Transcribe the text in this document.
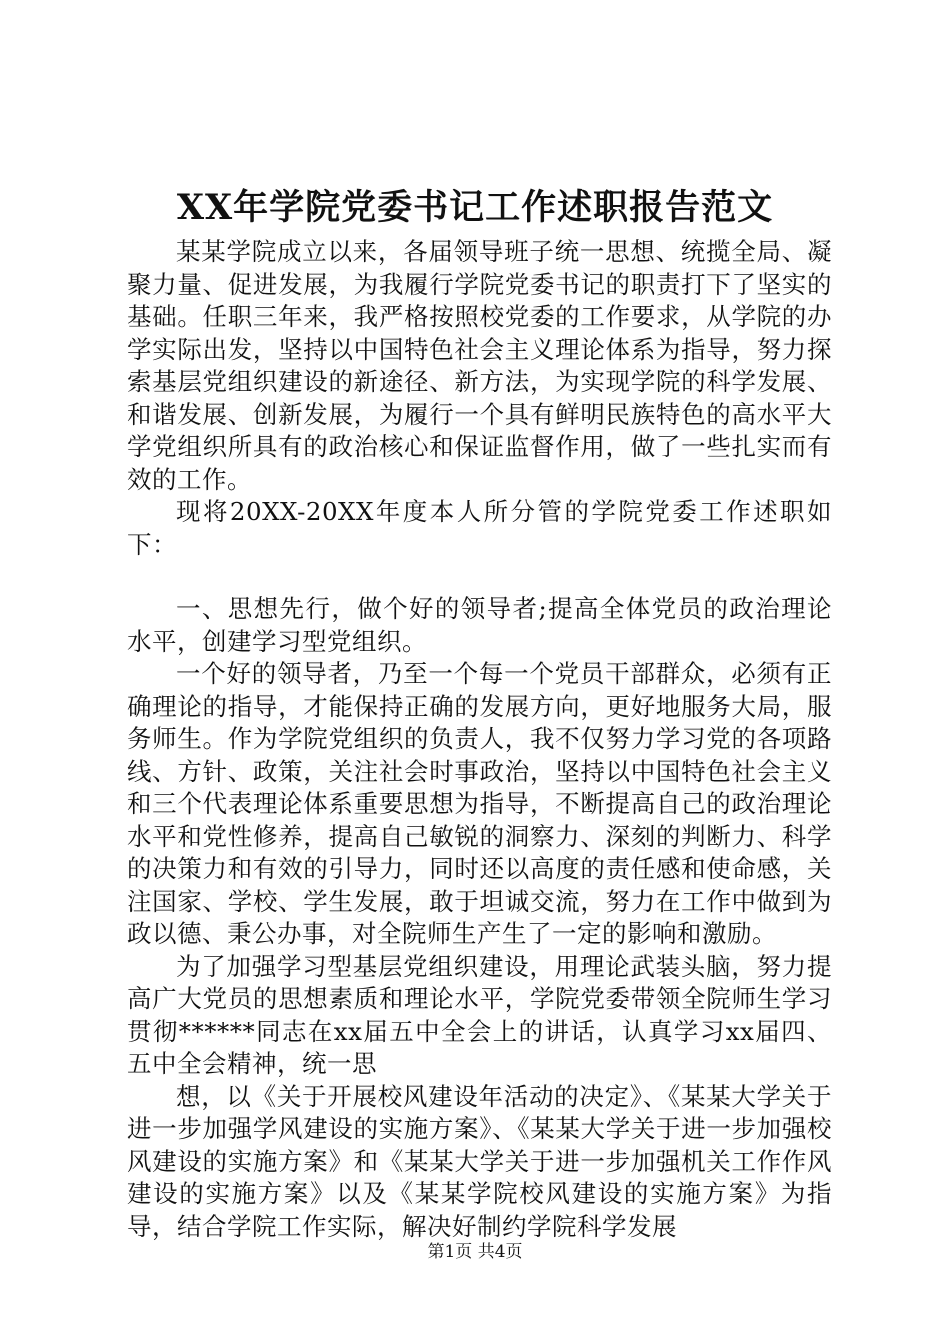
XX年学院党委书记工作述职报告范文

某某学院成立以来，各届领导班子统一思想、统揽全局、凝聚力量、促进发展，为我履行学院党委书记的职责打下了坚实的基础。任职三年来，我严格按照校党委的工作要求，从学院的办学实际出发，坚持以中国特色社会主义理论体系为指导，努力探索基层党组织建设的新途径、新方法，为实现学院的科学发展、和谐发展、创新发展，为履行一个具有鲜明民族特色的高水平大学党组织所具有的政治核心和保证监督作用，做了一些扎实而有效的工作。

现将20XX-20XX年度本人所分管的学院党委工作述职如下：

一、思想先行，做个好的领导者;提高全体党员的政治理论水平，创建学习型党组织。

一个好的领导者，乃至一个每一个党员干部群众，必须有正确理论的指导，才能保持正确的发展方向，更好地服务大局，服务师生。作为学院党组织的负责人，我不仅努力学习党的各项路线、方针、政策，关注社会时事政治，坚持以中国特色社会主义和三个代表理论体系重要思想为指导，不断提高自己的政治理论水平和党性修养，提高自己敏锐的洞察力、深刻的判断力、科学的决策力和有效的引导力，同时还以高度的责任感和使命感，关注国家、学校、学生发展，敢于坦诚交流，努力在工作中做到为政以德、秉公办事，对全院师生产生了一定的影响和激励。

为了加强学习型基层党组织建设，用理论武装头脑，努力提高广大党员的思想素质和理论水平，学院党委带领全院师生学习贯彻******同志在xx届五中全会上的讲话，认真学习xx届四、五中全会精神，统一思

想，以《关于开展校风建设年活动的决定》、《某某大学关于进一步加强学风建设的实施方案》、《某某大学关于进一步加强校风建设的实施方案》和《某某大学关于进一步加强机关工作作风建设的实施方案》以及《某某学院校风建设的实施方案》为指导，结合学院工作实际，解决好制约学院科学发展

第1页 共4页
